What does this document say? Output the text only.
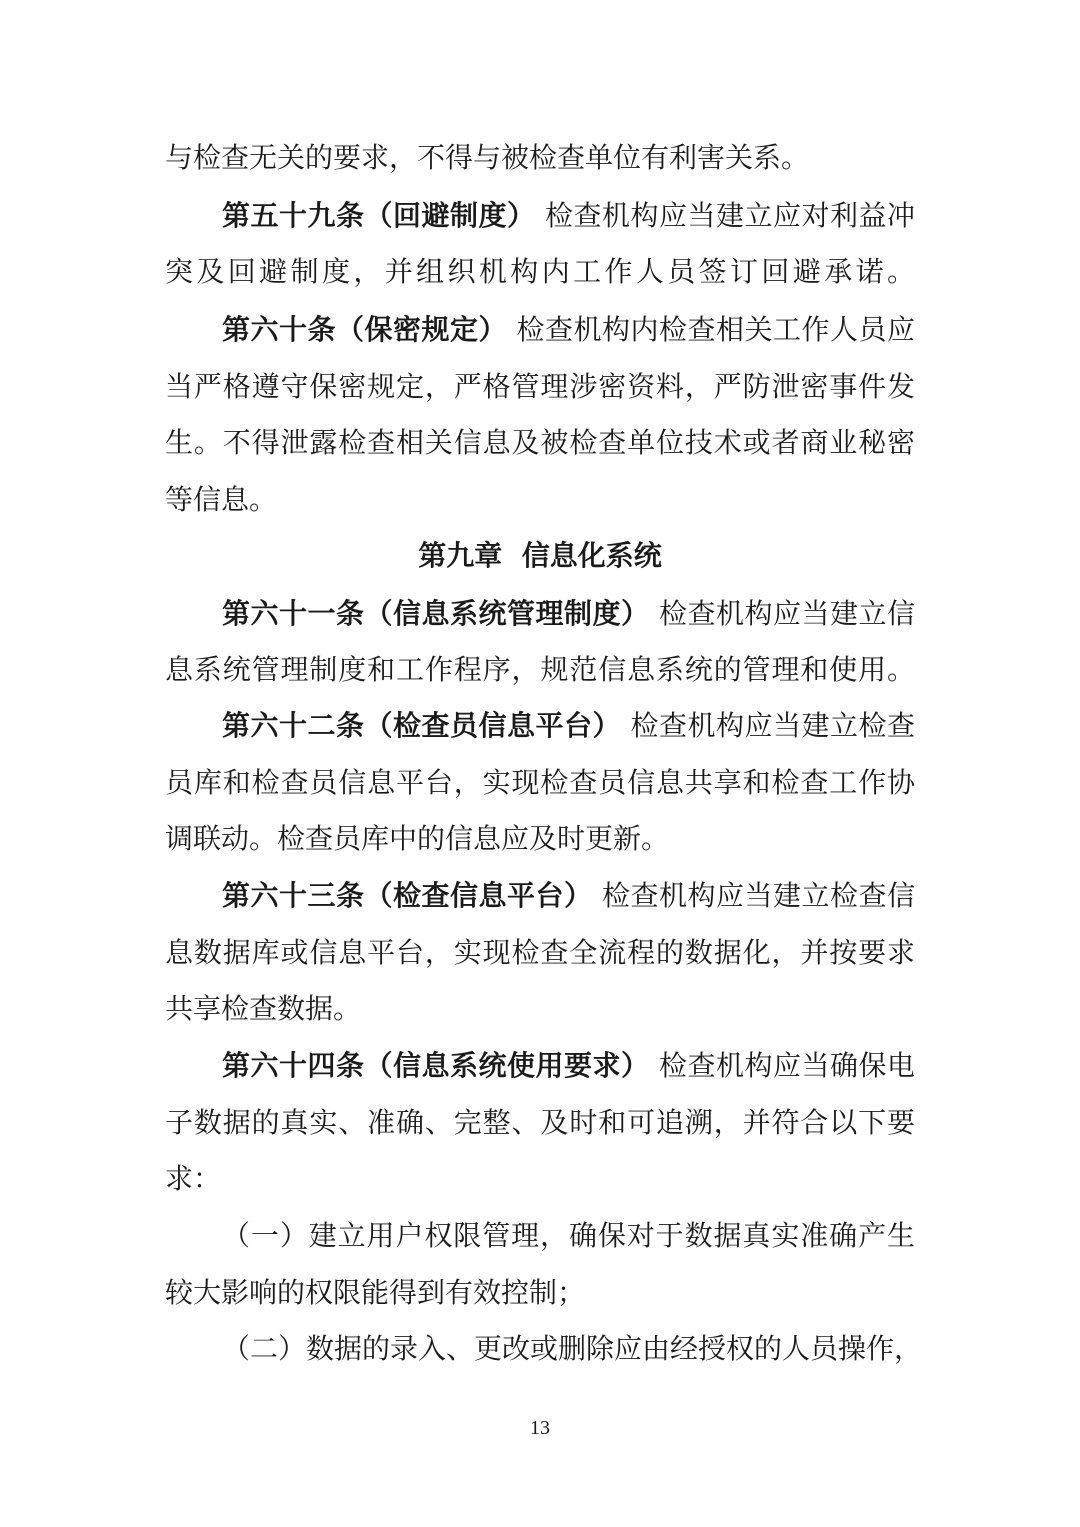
与检查无关的要求，不得与被检查单位有利害关系。
第五十九条（回避制度） 检查机构应当建立应对利益冲
突及回避制度，并组织机构内工作人员签订回避承诺。
第六十条（保密规定） 检查机构内检查相关工作人员应
当严格遵守保密规定，严格管理涉密资料，严防泄密事件发
生。不得泄露检查相关信息及被检查单位技术或者商业秘密
等信息。
第九章  信息化系统
第六十一条（信息系统管理制度） 检查机构应当建立信
息系统管理制度和工作程序，规范信息系统的管理和使用。
第六十二条（检查员信息平台） 检查机构应当建立检查
员库和检查员信息平台，实现检查员信息共享和检查工作协
调联动。检查员库中的信息应及时更新。
第六十三条（检查信息平台） 检查机构应当建立检查信
息数据库或信息平台，实现检查全流程的数据化，并按要求
共享检查数据。
第六十四条（信息系统使用要求） 检查机构应当确保电
子数据的真实、准确、完整、及时和可追溯，并符合以下要
求：
（一）建立用户权限管理，确保对于数据真实准确产生
较大影响的权限能得到有效控制；
（二）数据的录入、更改或删除应由经授权的人员操作，
13
